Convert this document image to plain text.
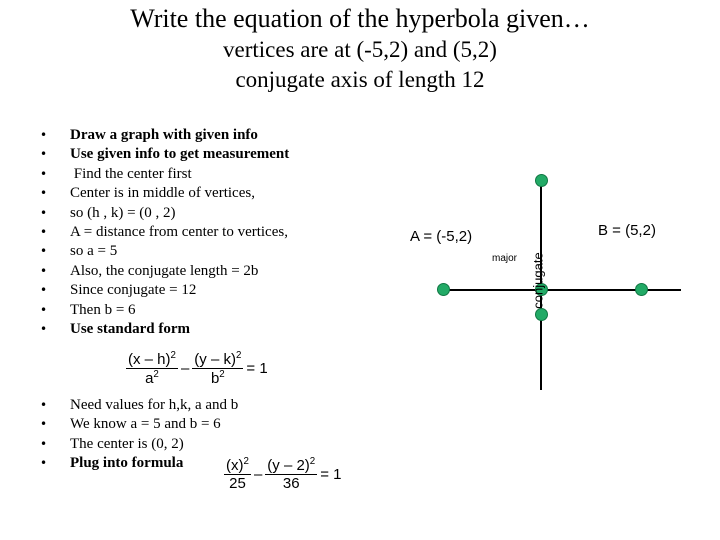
Write the equation of the hyperbola given…
vertices are at (-5,2) and (5,2)
conjugate axis of length 12
• Draw a graph with given info
• Use given info to get measurement
• Find the center first
• Center is in middle of vertices,
• so (h , k) = (0 , 2)
• A = distance from center to vertices,
• so a = 5
• Also, the conjugate length = 2b
• Since conjugate = 12
• Then b = 6
• Use standard form
$\frac{(x - h)^2}{a^2} - \frac{(y - k)^2}{b^2} = 1$
• Need values for h,k, a and b
• We know a = 5 and b = 6
• The center is (0, 2)
• Plug into formula	$\frac{(x)^2}{25} - \frac{(y - 2)^2}{36} = 1$
A = (-5,2)	B = (5,2)
major conjugate
